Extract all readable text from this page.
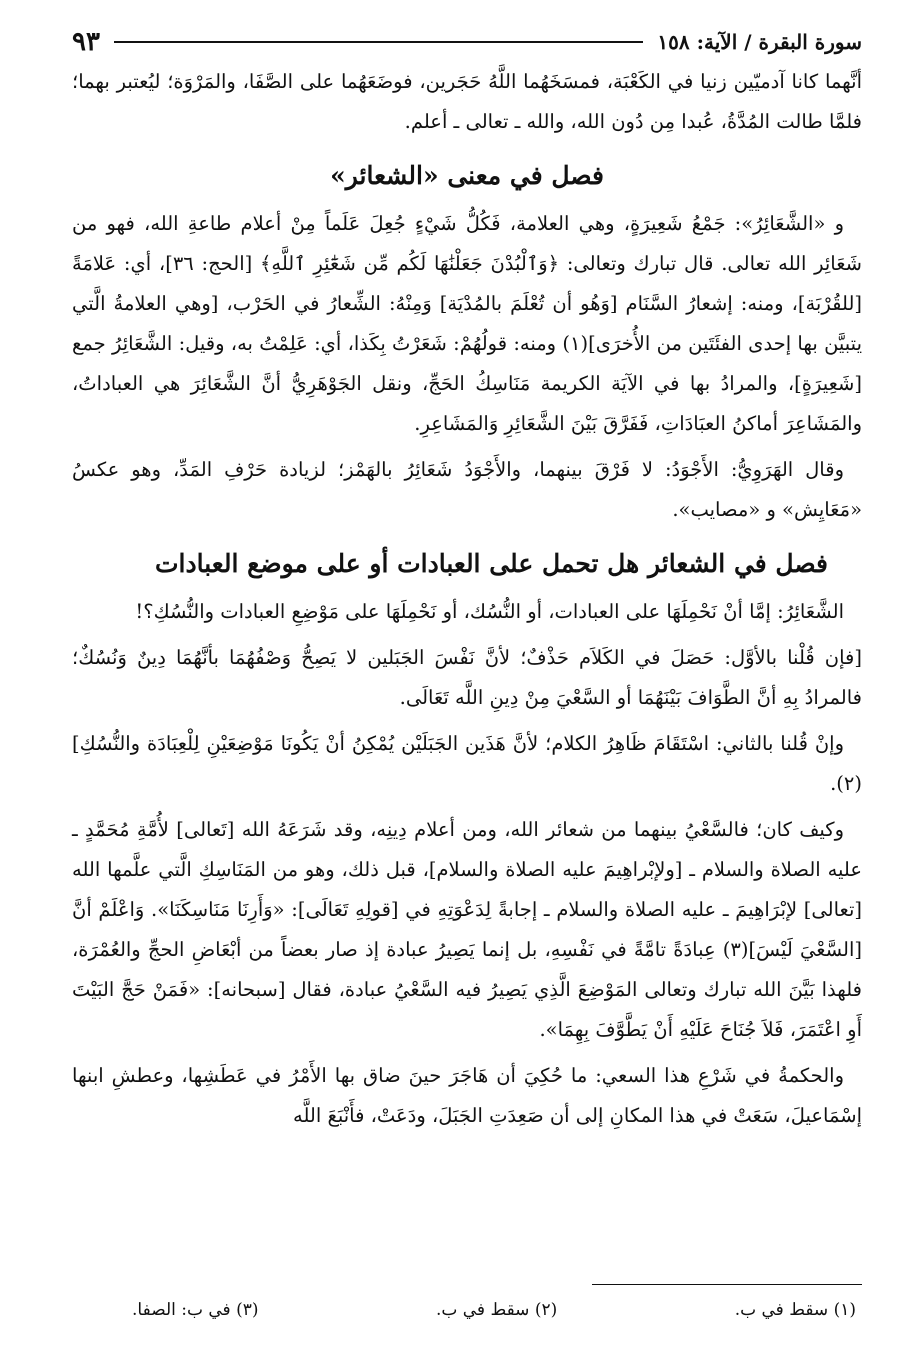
سورة البقرة / الآية: ١٥٨
٩٣

أنَّهما كانا آدميّين زنيا في الكَعْبَة، فمسَخَهُما اللَّهُ حَجَرين، فوضَعَهُما على الصَّفَا، والمَرْوَة؛ ليُعتبر بهما؛ فلمَّا طالت المُدَّةُ، عُبدا مِن دُون الله، والله ـ تعالى ـ أعلم.

فصل في معنى «الشعائر»

و «الشَّعَائِرُ»: جَمْعُ شَعِيرَةٍ، وهي العلامة، فَكُلُّ شَيْءٍ جُعِلَ عَلَماً مِنْ أعلام طاعةِ الله، فهو من شَعَائِر الله تعالى. قال تبارك وتعالى: ﴿وَٱلْبُدْنَ جَعَلْنَٰهَا لَكُم مِّن شَعَٰٓئِرِ ٱللَّهِ﴾ [الحج: ٣٦]، أي: عَلامَةً [للقُرْبَة]، ومنه: إشعارُ السَّنَام [وَهُو أن تُعْلَمَ بالمُدْيَة] وَمِنْهُ: الشِّعارُ في الحَرْب، [وهي العلامةُ الَّتي يتبيَّن بها إحدى الفئَتَين من الأُخرَى](١) ومنه: قولُهُمْ: شَعَرْتُ بِكَذا، أي: عَلِمْتُ به، وقيل: الشَّعَائِرُ جمع [شَعِيرَةٍ]، والمرادُ بها في الآيَة الكريمة مَنَاسِكُ الحَجِّ، ونقل الجَوْهَرِيُّ أنَّ الشَّعَائِرَ هي العباداتُ، والمَشَاعِرَ أماكنُ العبَادَاتِ، فَفَرَّقَ بَيْنَ الشَّعَائِرِ وَالمَشَاعِرِ.

وقال الهَرَوِيُّ: الأَجْوَدُ: لا فَرْقَ بينهما، والأَجْوَدُ شَعَائِرُ بالهَمْز؛ لزيادة حَرْفِ المَدِّ، وهو عكسُ «مَعَايِش» و «مصايب».

فصل في الشعائر هل تحمل على العبادات أو على موضع العبادات

الشَّعَائِرُ: إمَّا أنْ نَحْمِلَهَا على العبادات، أو النُّسُك، أو نَحْمِلَهَا على مَوْضِعِ العبادات والنُّسُكِ؟!

[فإن قُلْنا بالأوَّل: حَصَلَ في الكَلاَم حَذْفٌ؛ لأنَّ نَفْسَ الجَبَلين لا يَصِحُّ وَصْفُهُمَا بأنَّهُمَا دِينٌ وَنُسُكٌ؛ فالمرادُ بِهِ أنَّ الطَّوَافَ بَيْنَهُمَا أو السَّعْيَ مِنْ دِينِ اللَّه تَعَالَى.

وإنْ قُلنا بالثاني: اسْتَقَامَ ظَاهِرُ الكلام؛ لأنَّ هَذَين الجَبَلَيْن يُمْكِنُ أنْ يَكُونَا مَوْضِعَيْنِ لِلْعِبَادَة والنُّسُكِ](٢).

وكيف كان؛ فالسَّعْيُ بينهما من شعائر الله، ومن أعلام دِينِه، وقد شَرَعَهُ الله [تَعالى] لأُمَّةِ مُحَمَّدٍ ـ عليه الصلاة والسلام ـ [ولإبْراهِيمَ عليه الصلاة والسلام]، قبل ذلك، وهو من المَنَاسِكِ الَّتي علَّمها الله [تعالى] لإبْرَاهِيمَ ـ عليه الصلاة والسلام ـ إجابةً لِدَعْوَتِهِ في [قولِهِ تَعَالَى]: «وَأَرِنَا مَنَاسِكَنَا». وَاعْلَمْ أنَّ [السَّعْيَ لَيْسَ](٣) عِبادَةً تامَّةً في نَفْسِهِ، بل إنما يَصِيرُ عبادة إذ صار بعضاً من أبْعَاضِ الحجِّ والعُمْرَة، فلهذا بَيَّنَ الله تبارك وتعالى المَوْضِعَ الَّذِي يَصِيرُ فيه السَّعْيُ عبادة، فقال [سبحانه]: «فَمَنْ حَجَّ البَيْتَ أَوِ اعْتَمَرَ، فَلاَ جُنَاحَ عَلَيْهِ أَنْ يَطَّوَّفَ بِهِمَا».

والحكمةُ في شَرْعِ هذا السعي: ما حُكِيَ أن هَاجَرَ حينَ ضاق بها الأَمْرُ في عَطَشِها، وعطشِ ابنها إسْمَاعيلَ، سَعَتْ في هذا المكانِ إلى أن صَعِدَتِ الجَبَلَ، ودَعَتْ، فأَنْبَعَ اللَّه

(١) سقط في ب.
(٢) سقط في ب.
(٣) في ب: الصفا.
